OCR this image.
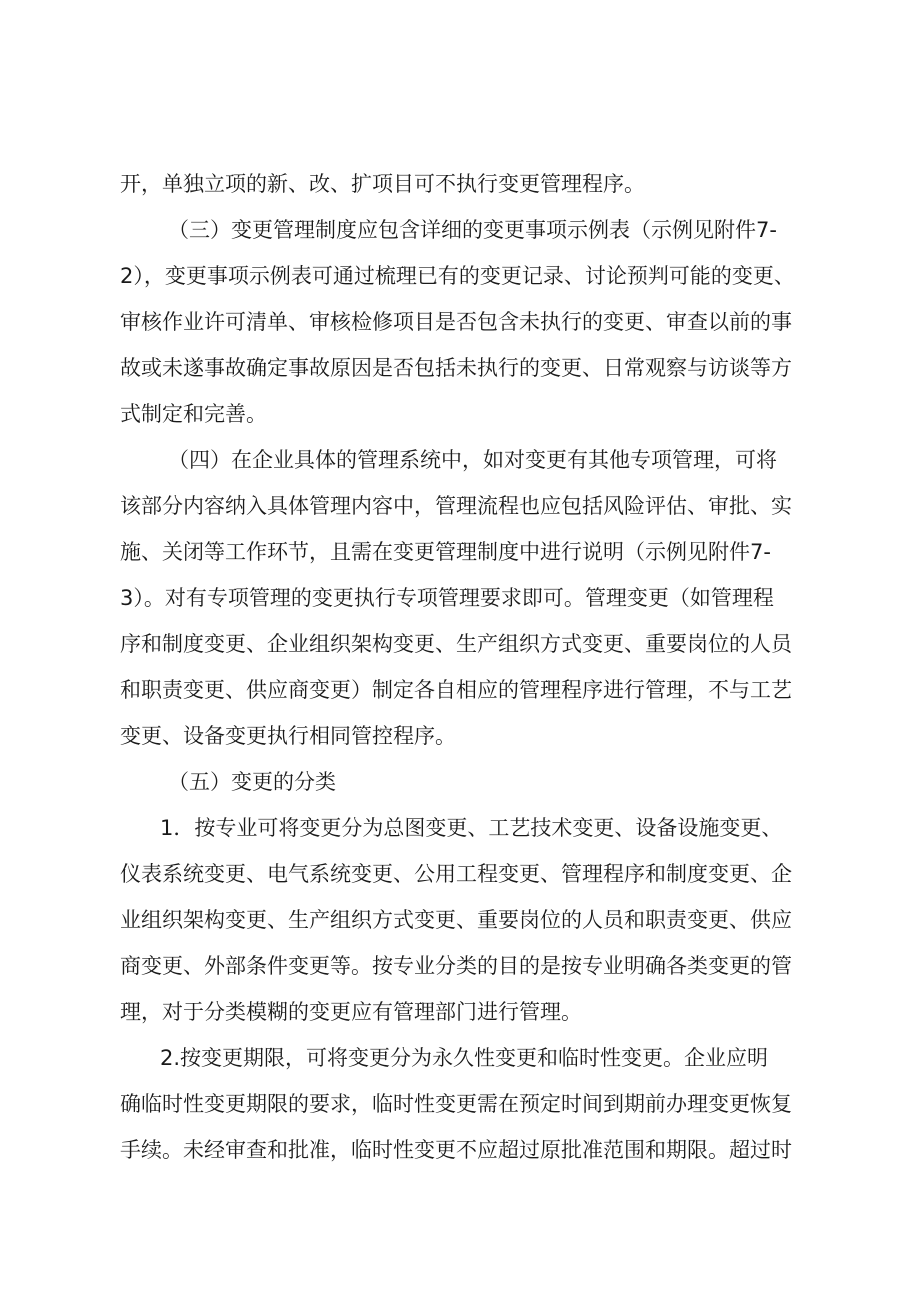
开，单独立项的新、改、扩项目可不执行变更管理程序。

（三）变更管理制度应包含详细的变更事项示例表（示例见附件7-

2），变更事项示例表可通过梳理已有的变更记录、讨论预判可能的变更、

审核作业许可清单、审核检修项目是否包含未执行的变更、审查以前的事

故或未遂事故确定事故原因是否包括未执行的变更、日常观察与访谈等方

式制定和完善。

（四）在企业具体的管理系统中，如对变更有其他专项管理，可将

该部分内容纳入具体管理内容中，管理流程也应包括风险评估、审批、实

施、关闭等工作环节，且需在变更管理制度中进行说明（示例见附件7-

3）。对有专项管理的变更执行专项管理要求即可。管理变更（如管理程

序和制度变更、企业组织架构变更、生产组织方式变更、重要岗位的人员

和职责变更、供应商变更）制定各自相应的管理程序进行管理，不与工艺

变更、设备变更执行相同管控程序。

（五）变更的分类

1．按专业可将变更分为总图变更、工艺技术变更、设备设施变更、

仪表系统变更、电气系统变更、公用工程变更、管理程序和制度变更、企

业组织架构变更、生产组织方式变更、重要岗位的人员和职责变更、供应

商变更、外部条件变更等。按专业分类的目的是按专业明确各类变更的管

理，对于分类模糊的变更应有管理部门进行管理。

2.按变更期限，可将变更分为永久性变更和临时性变更。企业应明

确临时性变更期限的要求，临时性变更需在预定时间到期前办理变更恢复

手续。未经审查和批准，临时性变更不应超过原批准范围和期限。超过时
